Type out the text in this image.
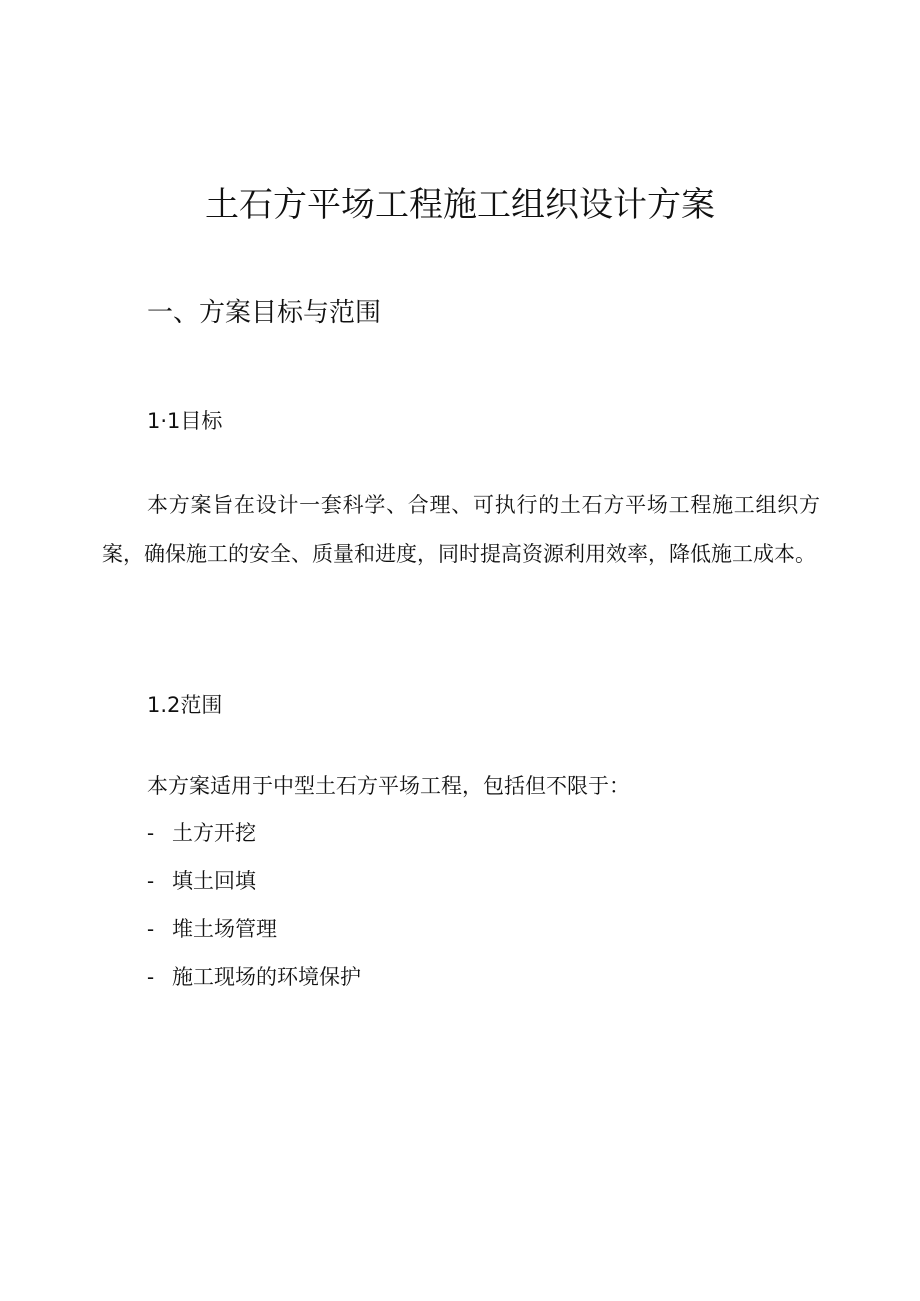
土石方平场工程施工组织设计方案
一、方案目标与范围
1·1目标
本方案旨在设计一套科学、合理、可执行的土石方平场工程施工组织方案，确保施工的安全、质量和进度，同时提高资源利用效率，降低施工成本。
1.2范围
本方案适用于中型土石方平场工程，包括但不限于：
- 土方开挖
- 填土回填
- 堆土场管理
- 施工现场的环境保护
